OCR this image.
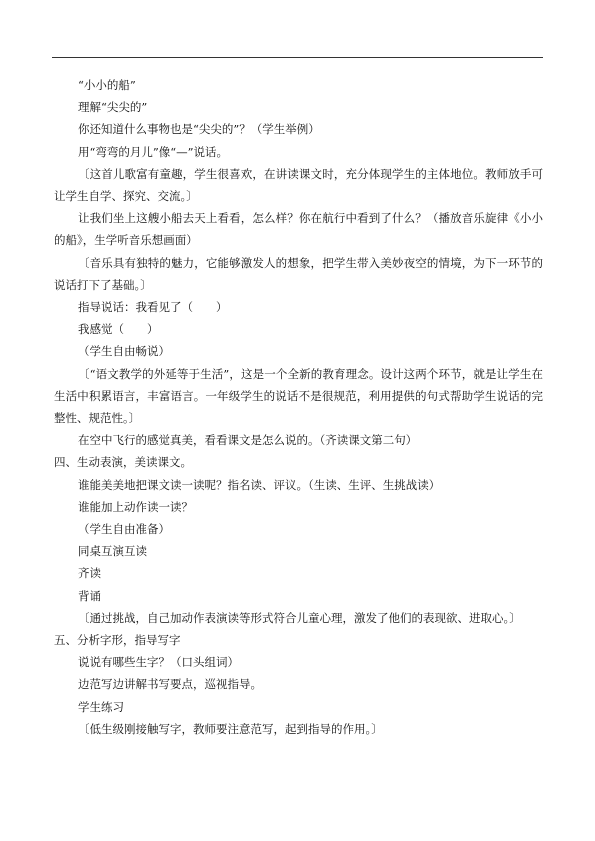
“小小的船”

理解“尖尖的”

你还知道什么事物也是“尖尖的”？（学生举例）

用“弯弯的月儿”像“—”说话。

〔这首儿歌富有童趣，学生很喜欢，在讲读课文时，充分体现学生的主体地位。教师放手可让学生自学、探究、交流。〕

让我们坐上这艘小船去天上看看，怎么样？你在航行中看到了什么？（播放音乐旋律《小小的船》，生学听音乐想画面）

〔音乐具有独特的魅力，它能够激发人的想象，把学生带入美妙夜空的情境，为下一环节的说话打下了基础。〕

指导说话：我看见了（　　）

我感觉（　　）

（学生自由畅说）

〔“语文教学的外延等于生活”，这是一个全新的教育理念。设计这两个环节，就是让学生在生活中积累语言，丰富语言。一年级学生的说话不是很规范，利用提供的句式帮助学生说话的完整性、规范性。〕

在空中飞行的感觉真美，看看课文是怎么说的。（齐读课文第二句）

四、生动表演，美读课文。

谁能美美地把课文读一读呢？指名读、评议。（生读、生评、生挑战读）

谁能加上动作读一读？

（学生自由准备）

同桌互演互读

齐读

背诵

〔通过挑战，自己加动作表演读等形式符合儿童心理，激发了他们的表现欲、进取心。〕

五、分析字形，指导写字

说说有哪些生字？（口头组词）

边范写边讲解书写要点，巡视指导。

学生练习

〔低生级刚接触写字，教师要注意范写，起到指导的作用。〕
